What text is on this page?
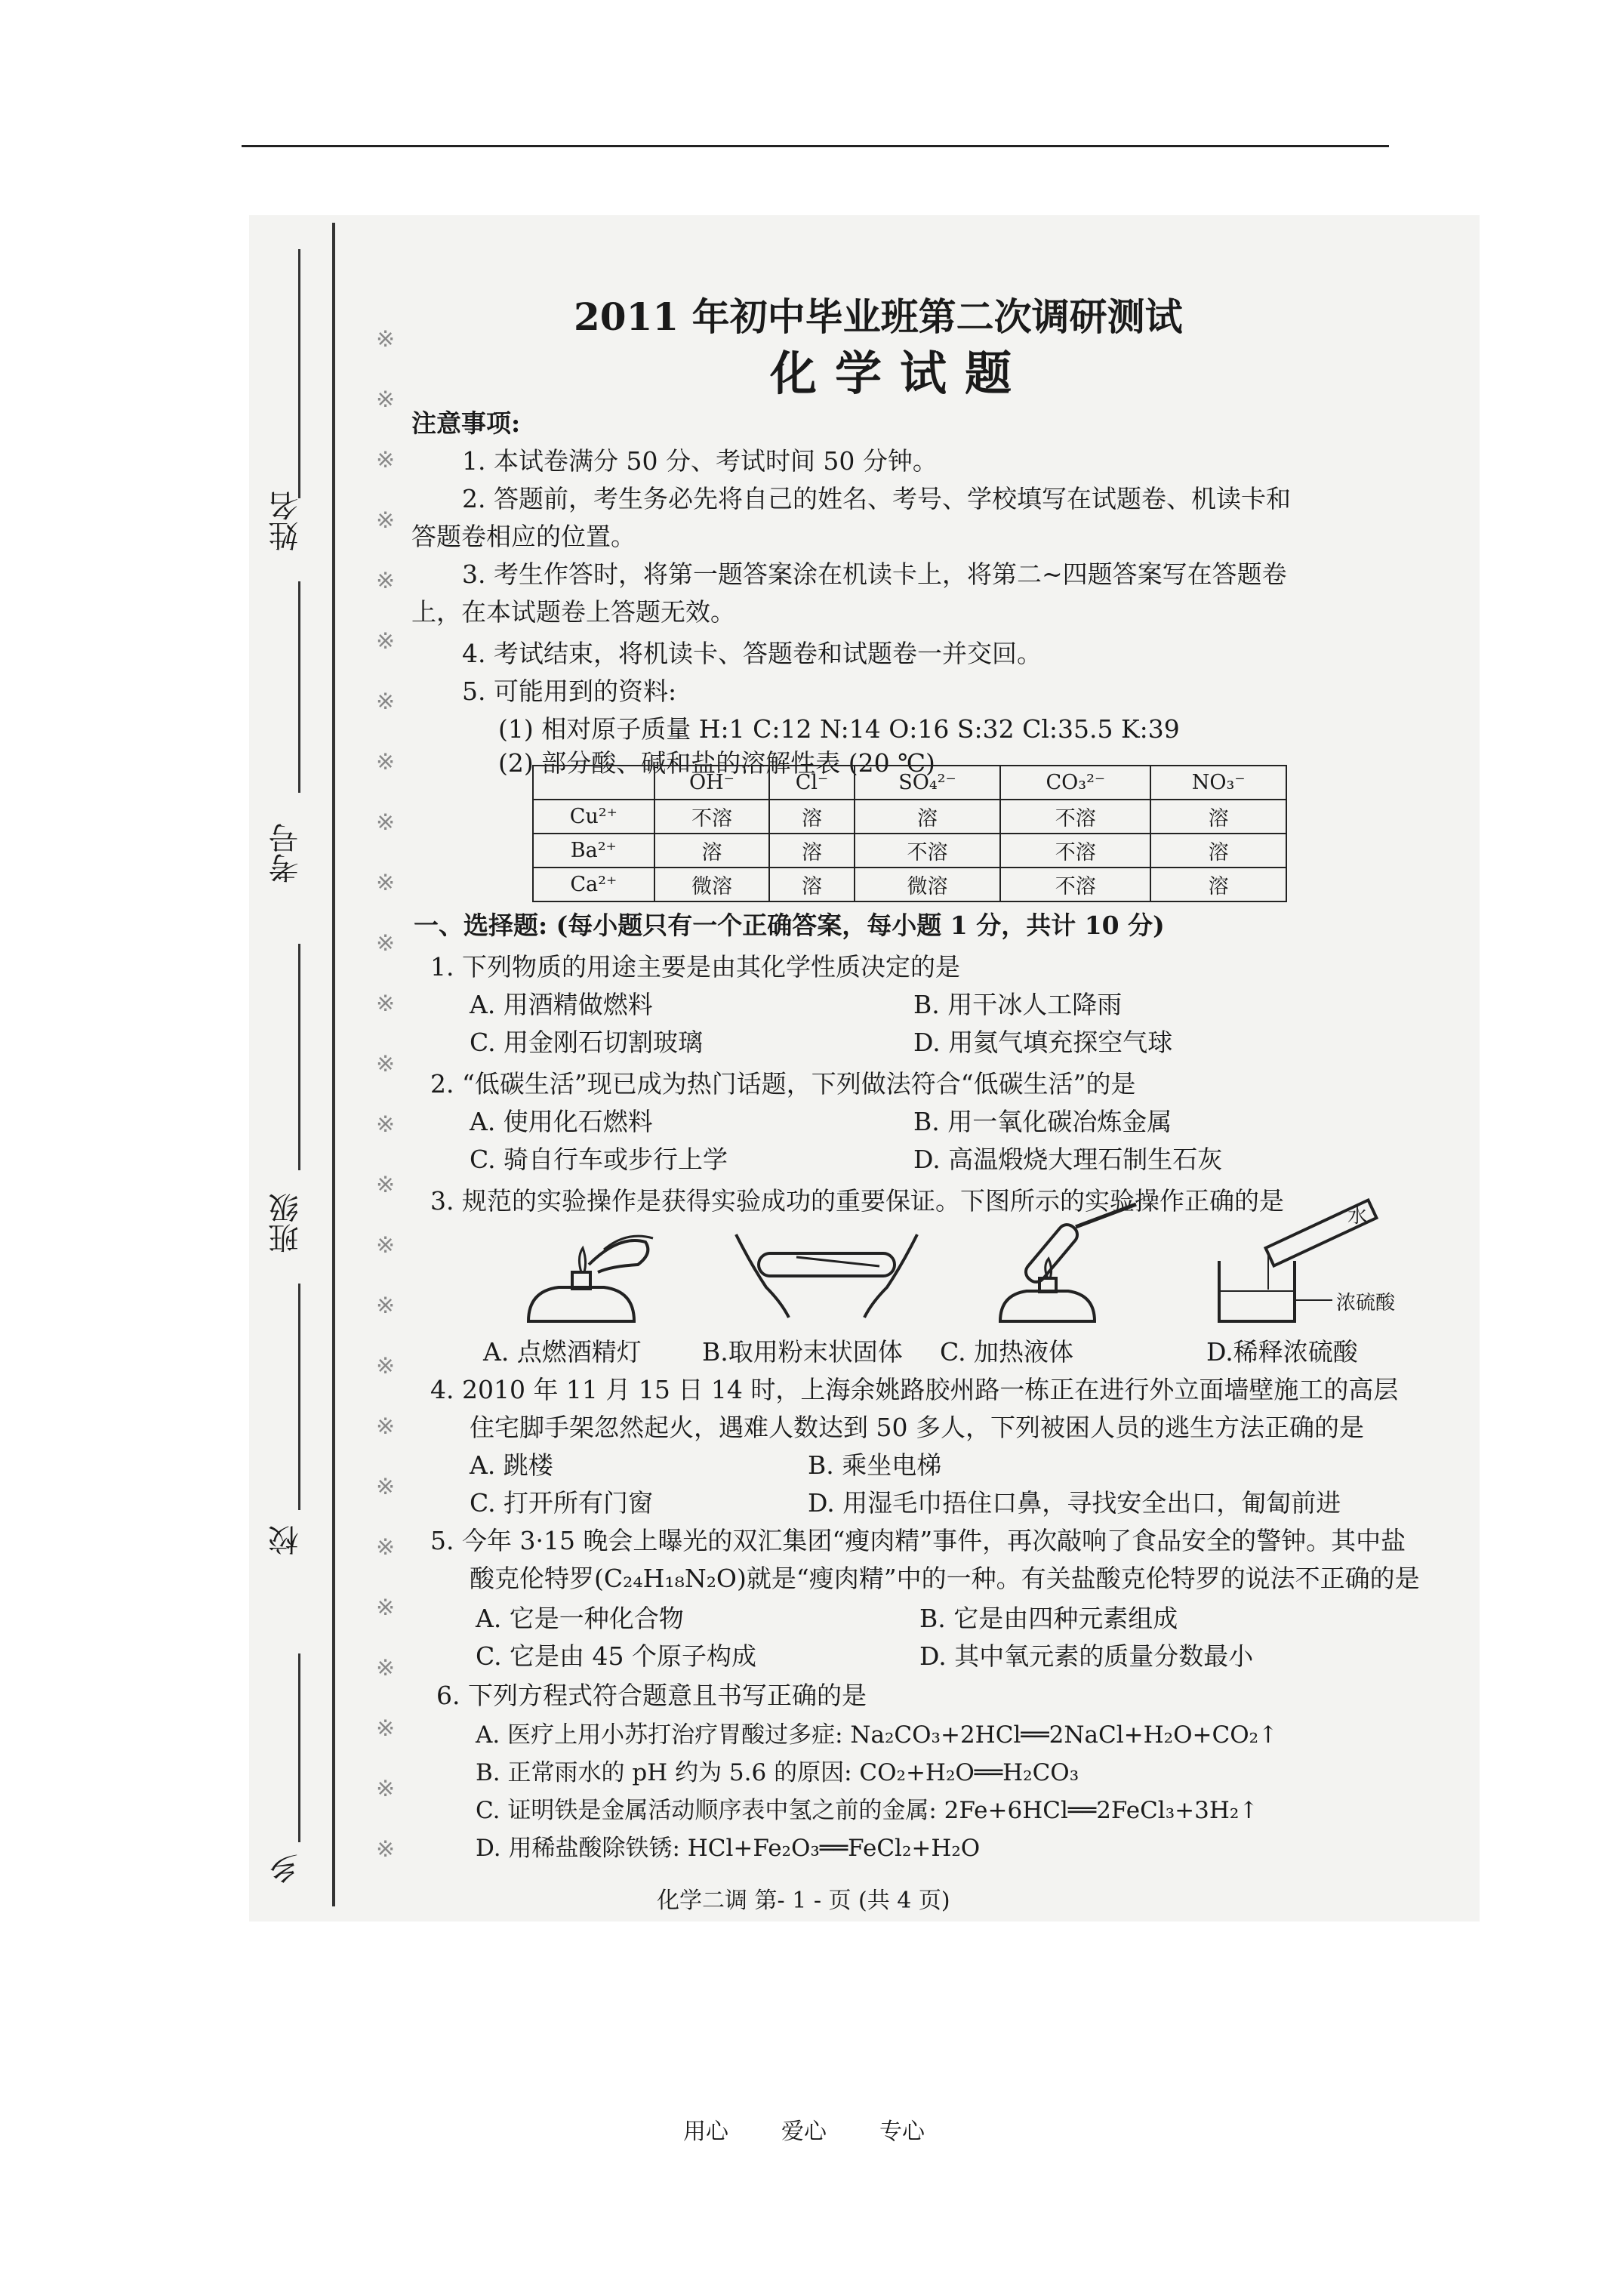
※
※
※
※
※
※
※
※
※
※
※
※
※
※
※
※
※
※
※
※
※
※
※
※
※
※
姓名
考号
班级
校
乡
2011 年初中毕业班第二次调研测试
化学试题
注意事项:
1. 本试卷满分 50 分、考试时间 50 分钟。
2. 答题前，考生务必先将自己的姓名、考号、学校填写在试题卷、机读卡和
答题卷相应的位置。
3. 考生作答时，将第一题答案涂在机读卡上，将第二~四题答案写在答题卷
上，在本试题卷上答题无效。
4. 考试结束，将机读卡、答题卷和试题卷一并交回。
5. 可能用到的资料:
(1) 相对原子质量 H:1 C:12 N:14 O:16 S:32 Cl:35.5 K:39
(2) 部分酸、碱和盐的溶解性表 (20 ℃)
	OH⁻	Cl⁻	SO₄²⁻	CO₃²⁻	NO₃⁻
Cu²⁺	不溶	溶	溶	不溶	溶
Ba²⁺	溶	溶	不溶	不溶	溶
Ca²⁺	微溶	溶	微溶	不溶	溶
一、选择题: (每小题只有一个正确答案，每小题 1 分，共计 10 分)
1. 下列物质的用途主要是由其化学性质决定的是
A. 用酒精做燃料	B. 用干冰人工降雨
C. 用金刚石切割玻璃	D. 用氦气填充探空气球
2. “低碳生活”现已成为热门话题，下列做法符合“低碳生活”的是
A. 使用化石燃料	B. 用一氧化碳冶炼金属
C. 骑自行车或步行上学	D. 高温煅烧大理石制生石灰
3. 规范的实验操作是获得实验成功的重要保证。下图所示的实验操作正确的是
水
浓硫酸
A. 点燃酒精灯 B.取用粉末状固体 C. 加热液体	D.稀释浓硫酸
4. 2010 年 11 月 15 日 14 时，上海余姚路胶州路一栋正在进行外立面墙壁施工的高层
住宅脚手架忽然起火，遇难人数达到 50 多人，下列被困人员的逃生方法正确的是
A. 跳楼	B. 乘坐电梯
C. 打开所有门窗	D. 用湿毛巾捂住口鼻，寻找安全出口，匍匐前进
5. 今年 3·15 晚会上曝光的双汇集团“瘦肉精”事件，再次敲响了食品安全的警钟。其中盐
酸克伦特罗(C₂₄H₁₈N₂O)就是“瘦肉精”中的一种。有关盐酸克伦特罗的说法不正确的是
A. 它是一种化合物	B. 它是由四种元素组成
C. 它是由 45 个原子构成	D. 其中氧元素的质量分数最小
6. 下列方程式符合题意且书写正确的是
A. 医疗上用小苏打治疗胃酸过多症: Na₂CO₃+2HCl══2NaCl+H₂O+CO₂↑
B. 正常雨水的 pH 约为 5.6 的原因: CO₂+H₂O══H₂CO₃
C. 证明铁是金属活动顺序表中氢之前的金属: 2Fe+6HCl══2FeCl₃+3H₂↑
D. 用稀盐酸除铁锈: HCl+Fe₂O₃══FeCl₂+H₂O
化学二调 第- 1 - 页 (共 4 页)
用心 爱心 专心
